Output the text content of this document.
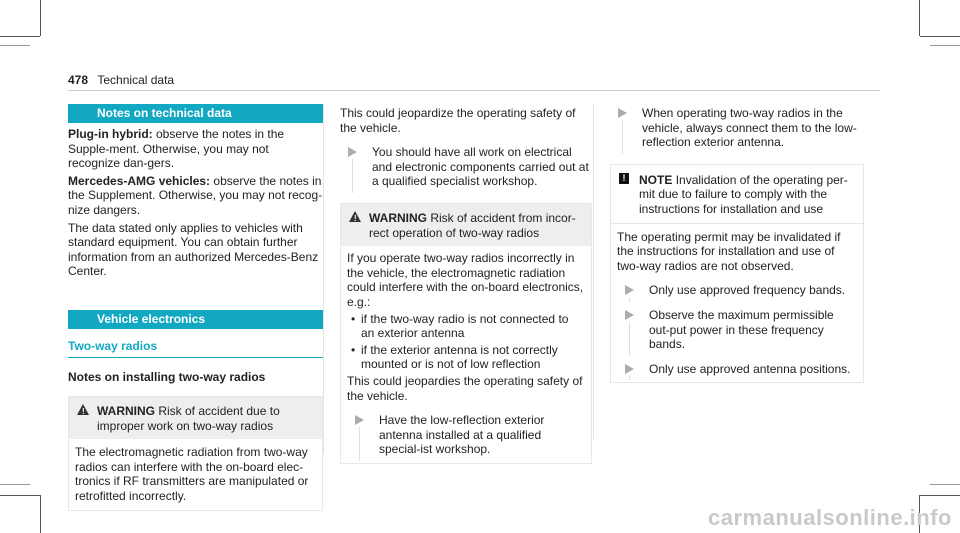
478 Technical data
Notes on technical data

Plug-in hybrid: observe the notes in the Supple-ment. Otherwise, you may not recognize dan-gers.

Mercedes-AMG vehicles: observe the notes in the Supplement. Otherwise, you may not recog-nize dangers.

The data stated only applies to vehicles with standard equipment. You can obtain further information from an authorized Mercedes-Benz Center.

Vehicle electronics
Two-way radios
Notes on installing two-way radios
! WARNING Risk of accident due to improper work on two-way radios

The electromagnetic radiation from two-way radios can interfere with the on-board elec-tronics if RF transmitters are manipulated or retrofitted incorrectly.

This could jeopardize the operating safety of the vehicle.

You should have all work on electrical and electronic components carried out at a qualified specialist workshop.
! WARNING Risk of accident from incor-rect operation of two-way radios

If you operate two-way radios incorrectly in the vehicle, the electromagnetic radiation could interfere with the on-board electronics, e.g.:

• if the two-way radio is not connected to an exterior antenna
• if the exterior antenna is not correctly mounted or is not of low reflection

This could jeopardies the operating safety of the vehicle.

Have the low-reflection exterior antenna installed at a qualified special-ist workshop.
When operating two-way radios in the vehicle, always connect them to the low-reflection exterior antenna.
! NOTE Invalidation of the operating per-mit due to failure to comply with the instructions for installation and use

The operating permit may be invalidated if the instructions for installation and use of two-way radios are not observed.

Only use approved frequency bands.
Observe the maximum permissible out-put power in these frequency bands.
Only use approved antenna positions.
carmanualsonline.info
